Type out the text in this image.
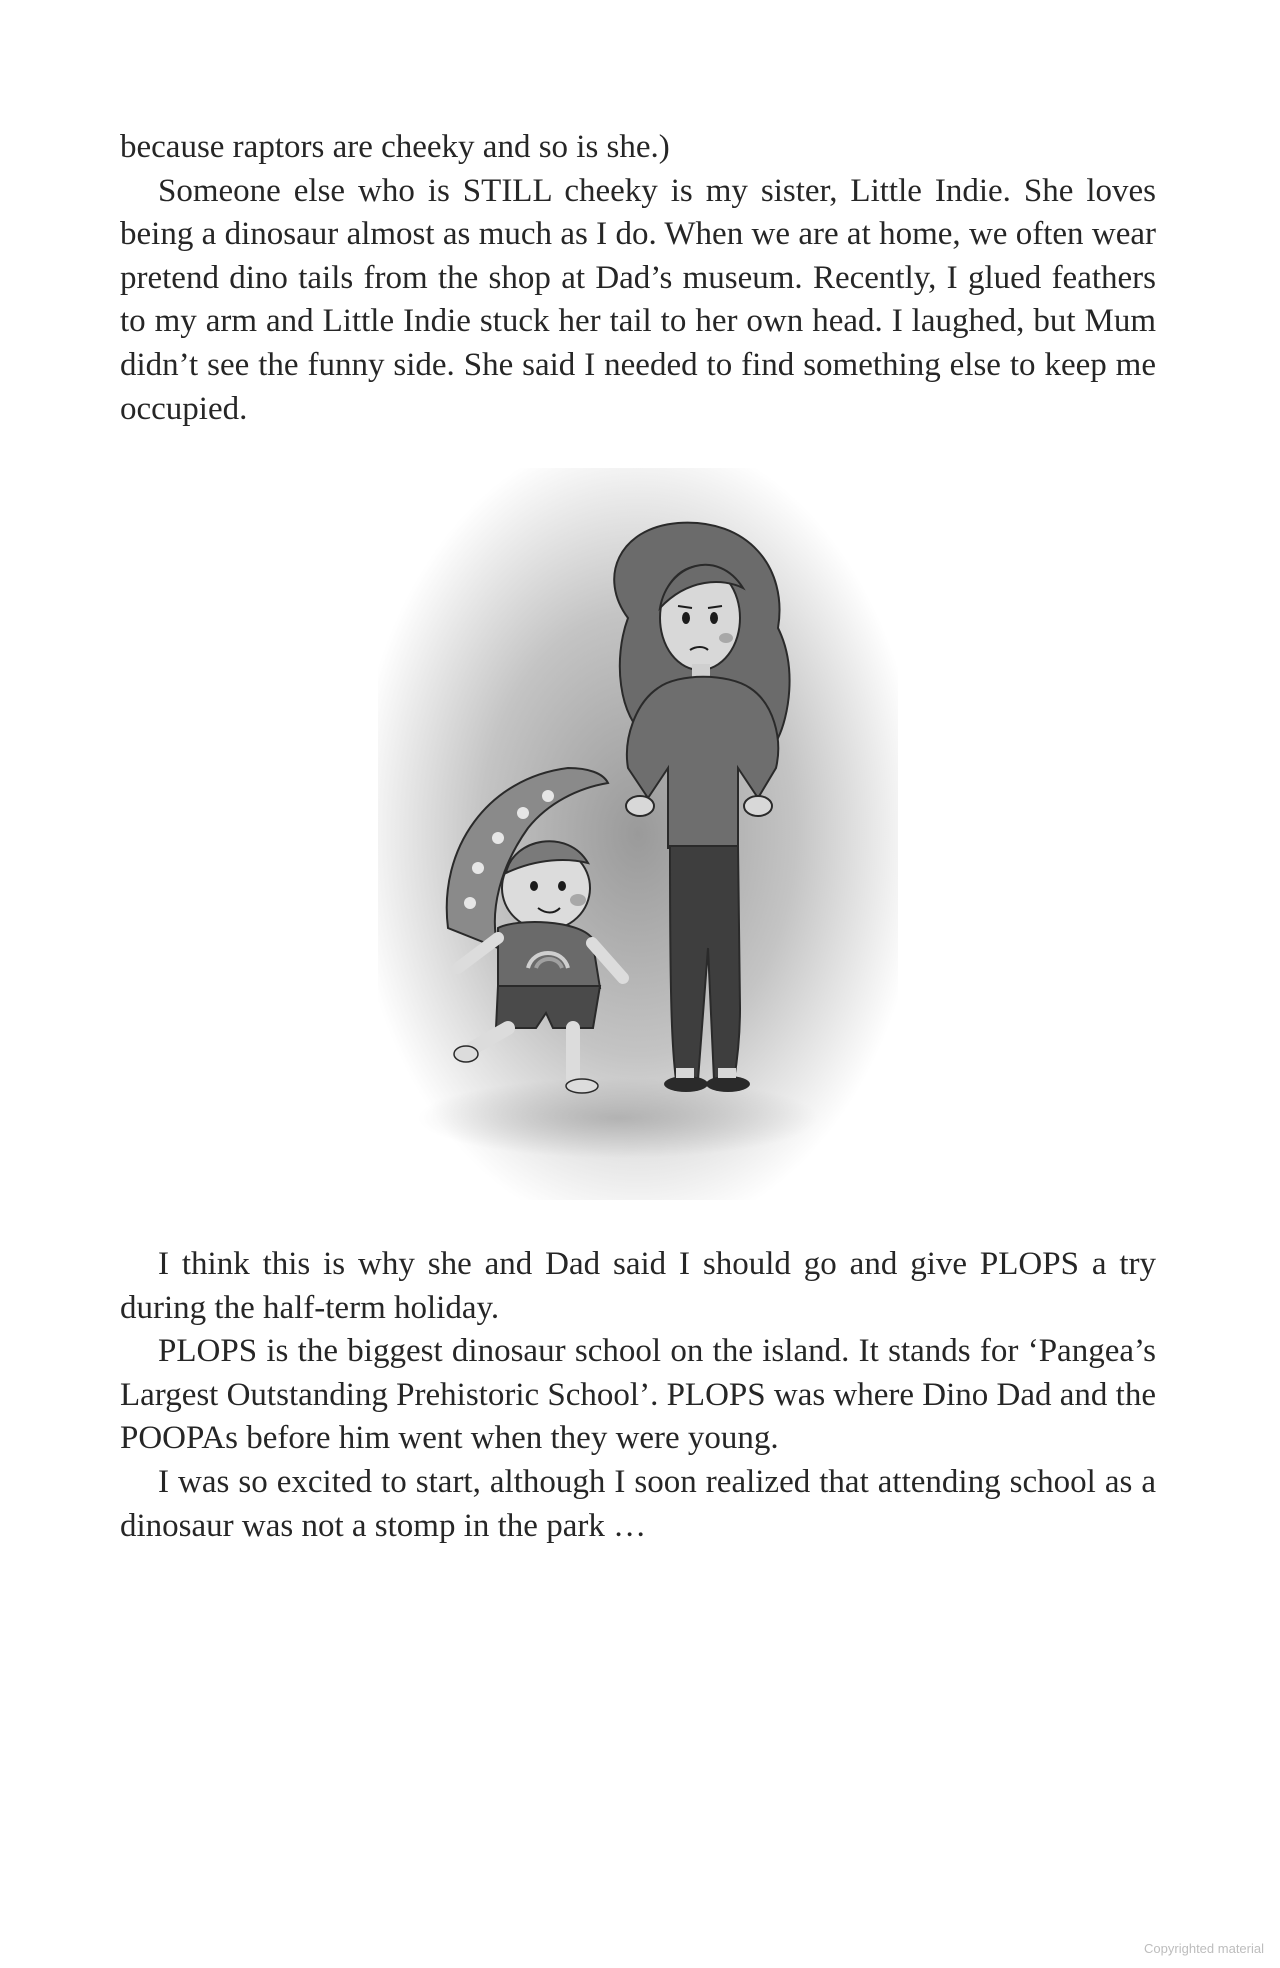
because raptors are cheeky and so is she.)

Someone else who is STILL cheeky is my sister, Little Indie. She loves being a dinosaur almost as much as I do. When we are at home, we often wear pretend dino tails from the shop at Dad’s museum. Recently, I glued feathers to my arm and Little Indie stuck her tail to her own head. I laughed, but Mum didn’t see the funny side. She said I needed to find something else to keep me occupied.

I think this is why she and Dad said I should go and give PLOPS a try during the half-term holiday.

PLOPS is the biggest dinosaur school on the island. It stands for ‘Pangea’s Largest Outstanding Prehistoric School’. PLOPS was where Dino Dad and the POOPAs before him went when they were young.

I was so excited to start, although I soon realized that attending school as a dinosaur was not a stomp in the park …

Copyrighted material
